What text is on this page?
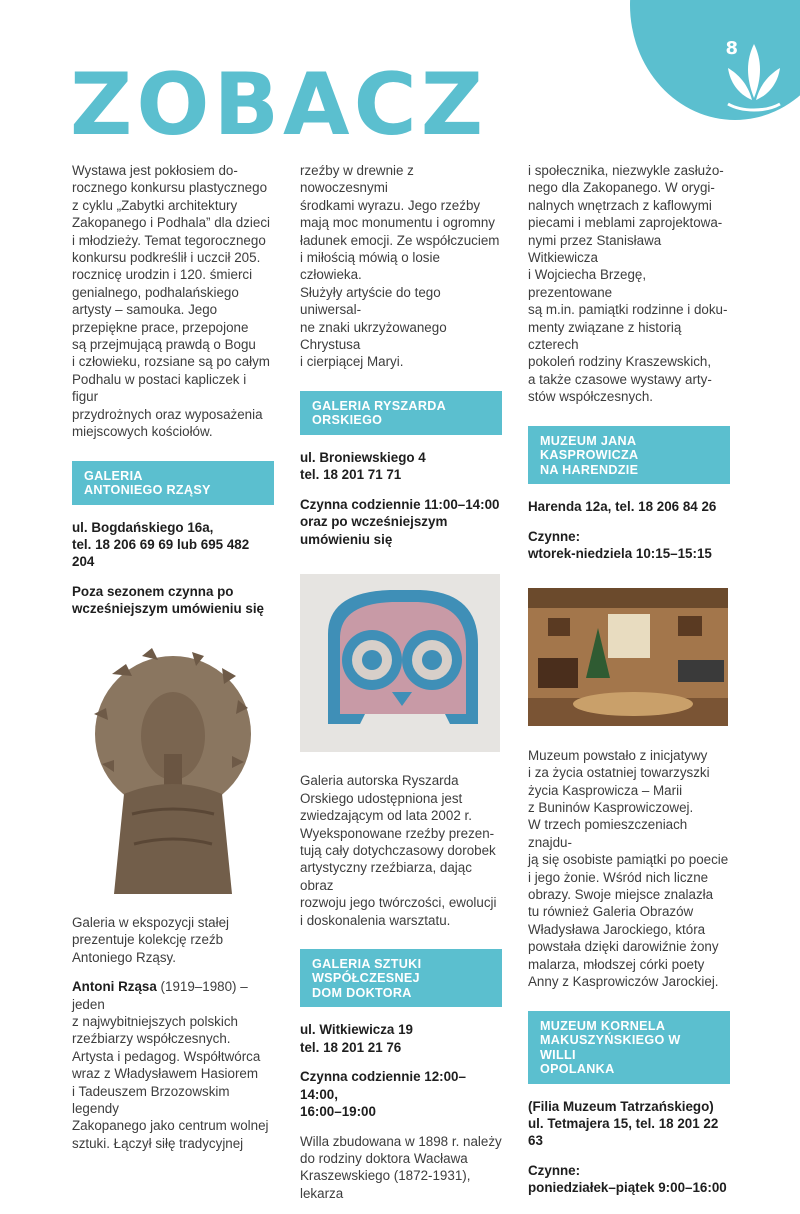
8
ZOBACZ

Wystawa jest pokłosiem do-
rocznego konkursu plastycznego
z cyklu „Zabytki architektury
Zakopanego i Podhala” dla dzieci
i młodzieży. Temat tegorocznego
konkursu podkreślił i uczcił 205.
rocznicę urodzin i 120. śmierci
genialnego, podhalańskiego
artysty – samouka. Jego
przepiękne prace, przepojone
są przejmującą prawdą o Bogu
i człowieku, rozsiane są po całym
Podhalu w postaci kapliczek i figur
przydrożnych oraz wyposażenia
miejscowych kościołów.

GALERIA
ANTONIEGO RZĄSY

ul. Bogdańskiego 16a,
tel. 18 206 69 69 lub 695 482 204

Poza sezonem czynna po
wcześniejszym umówieniu się

Galeria w ekspozycji stałej
prezentuje kolekcję rzeźb
Antoniego Rząsy.

Antoni Rząsa (1919–1980) – jeden
z najwybitniejszych polskich
rzeźbiarzy współczesnych.
Artysta i pedagog. Współtwórca
wraz z Władysławem Hasiorem
i Tadeuszem Brzozowskim legendy
Zakopanego jako centrum wolnej
sztuki. Łączył siłę tradycyjnej

rzeźby w drewnie z nowoczesnymi
środkami wyrazu. Jego rzeźby
mają moc monumentu i ogromny
ładunek emocji. Ze współczuciem
i miłością mówią o losie człowieka.
Służyły artyście do tego uniwersal-
ne znaki ukrzyżowanego Chrystusa
i cierpiącej Maryi.

GALERIA RYSZARDA
ORSKIEGO

ul. Broniewskiego 4
tel. 18 201 71 71

Czynna codziennie 11:00–14:00
oraz po wcześniejszym
umówieniu się

Galeria autorska Ryszarda
Orskiego udostępniona jest
zwiedzającym od lata 2002 r.
Wyeksponowane rzeźby prezen-
tują cały dotychczasowy dorobek
artystyczny rzeźbiarza, dając obraz
rozwoju jego twórczości, ewolucji
i doskonalenia warsztatu.

GALERIA SZTUKI
WSPÓŁCZESNEJ
DOM DOKTORA

ul. Witkiewicza 19
tel. 18 201 21 76

Czynna codziennie 12:00–14:00,
16:00–19:00

Willa zbudowana w 1898 r. należy
do rodziny doktora Wacława
Kraszewskiego (1872-1931), lekarza

i społecznika, niezwykle zasłużo-
nego dla Zakopanego. W orygi-
nalnych wnętrzach z kaflowymi
piecami i meblami zaprojektowa-
nymi przez Stanisława Witkiewicza
i Wojciecha Brzegę, prezentowane
są m.in. pamiątki rodzinne i doku-
menty związane z historią czterech
pokoleń rodziny Kraszewskich,
a także czasowe wystawy arty-
stów współczesnych.

MUZEUM JANA
KASPROWICZA
NA HARENDZIE

Harenda 12a, tel. 18 206 84 26

Czynne:
wtorek-niedziela 10:15–15:15

Muzeum powstało z inicjatywy
i za życia ostatniej towarzyszki
życia Kasprowicza – Marii
z Buninów Kasprowiczowej.
W trzech pomieszczeniach znajdu-
ją się osobiste pamiątki po poecie
i jego żonie. Wśród nich liczne
obrazy. Swoje miejsce znalazła
tu również Galeria Obrazów
Władysława Jarockiego, która
powstała dzięki darowiźnie żony
malarza, młodszej córki poety
Anny z Kasprowiczów Jarockiej.

MUZEUM KORNELA
MAKUSZYŃSKIEGO W WILLI
OPOLANKA

(Filia Muzeum Tatrzańskiego)
ul. Tetmajera 15, tel. 18 201 22 63

Czynne:
poniedziałek–piątek 9:00–16:00
